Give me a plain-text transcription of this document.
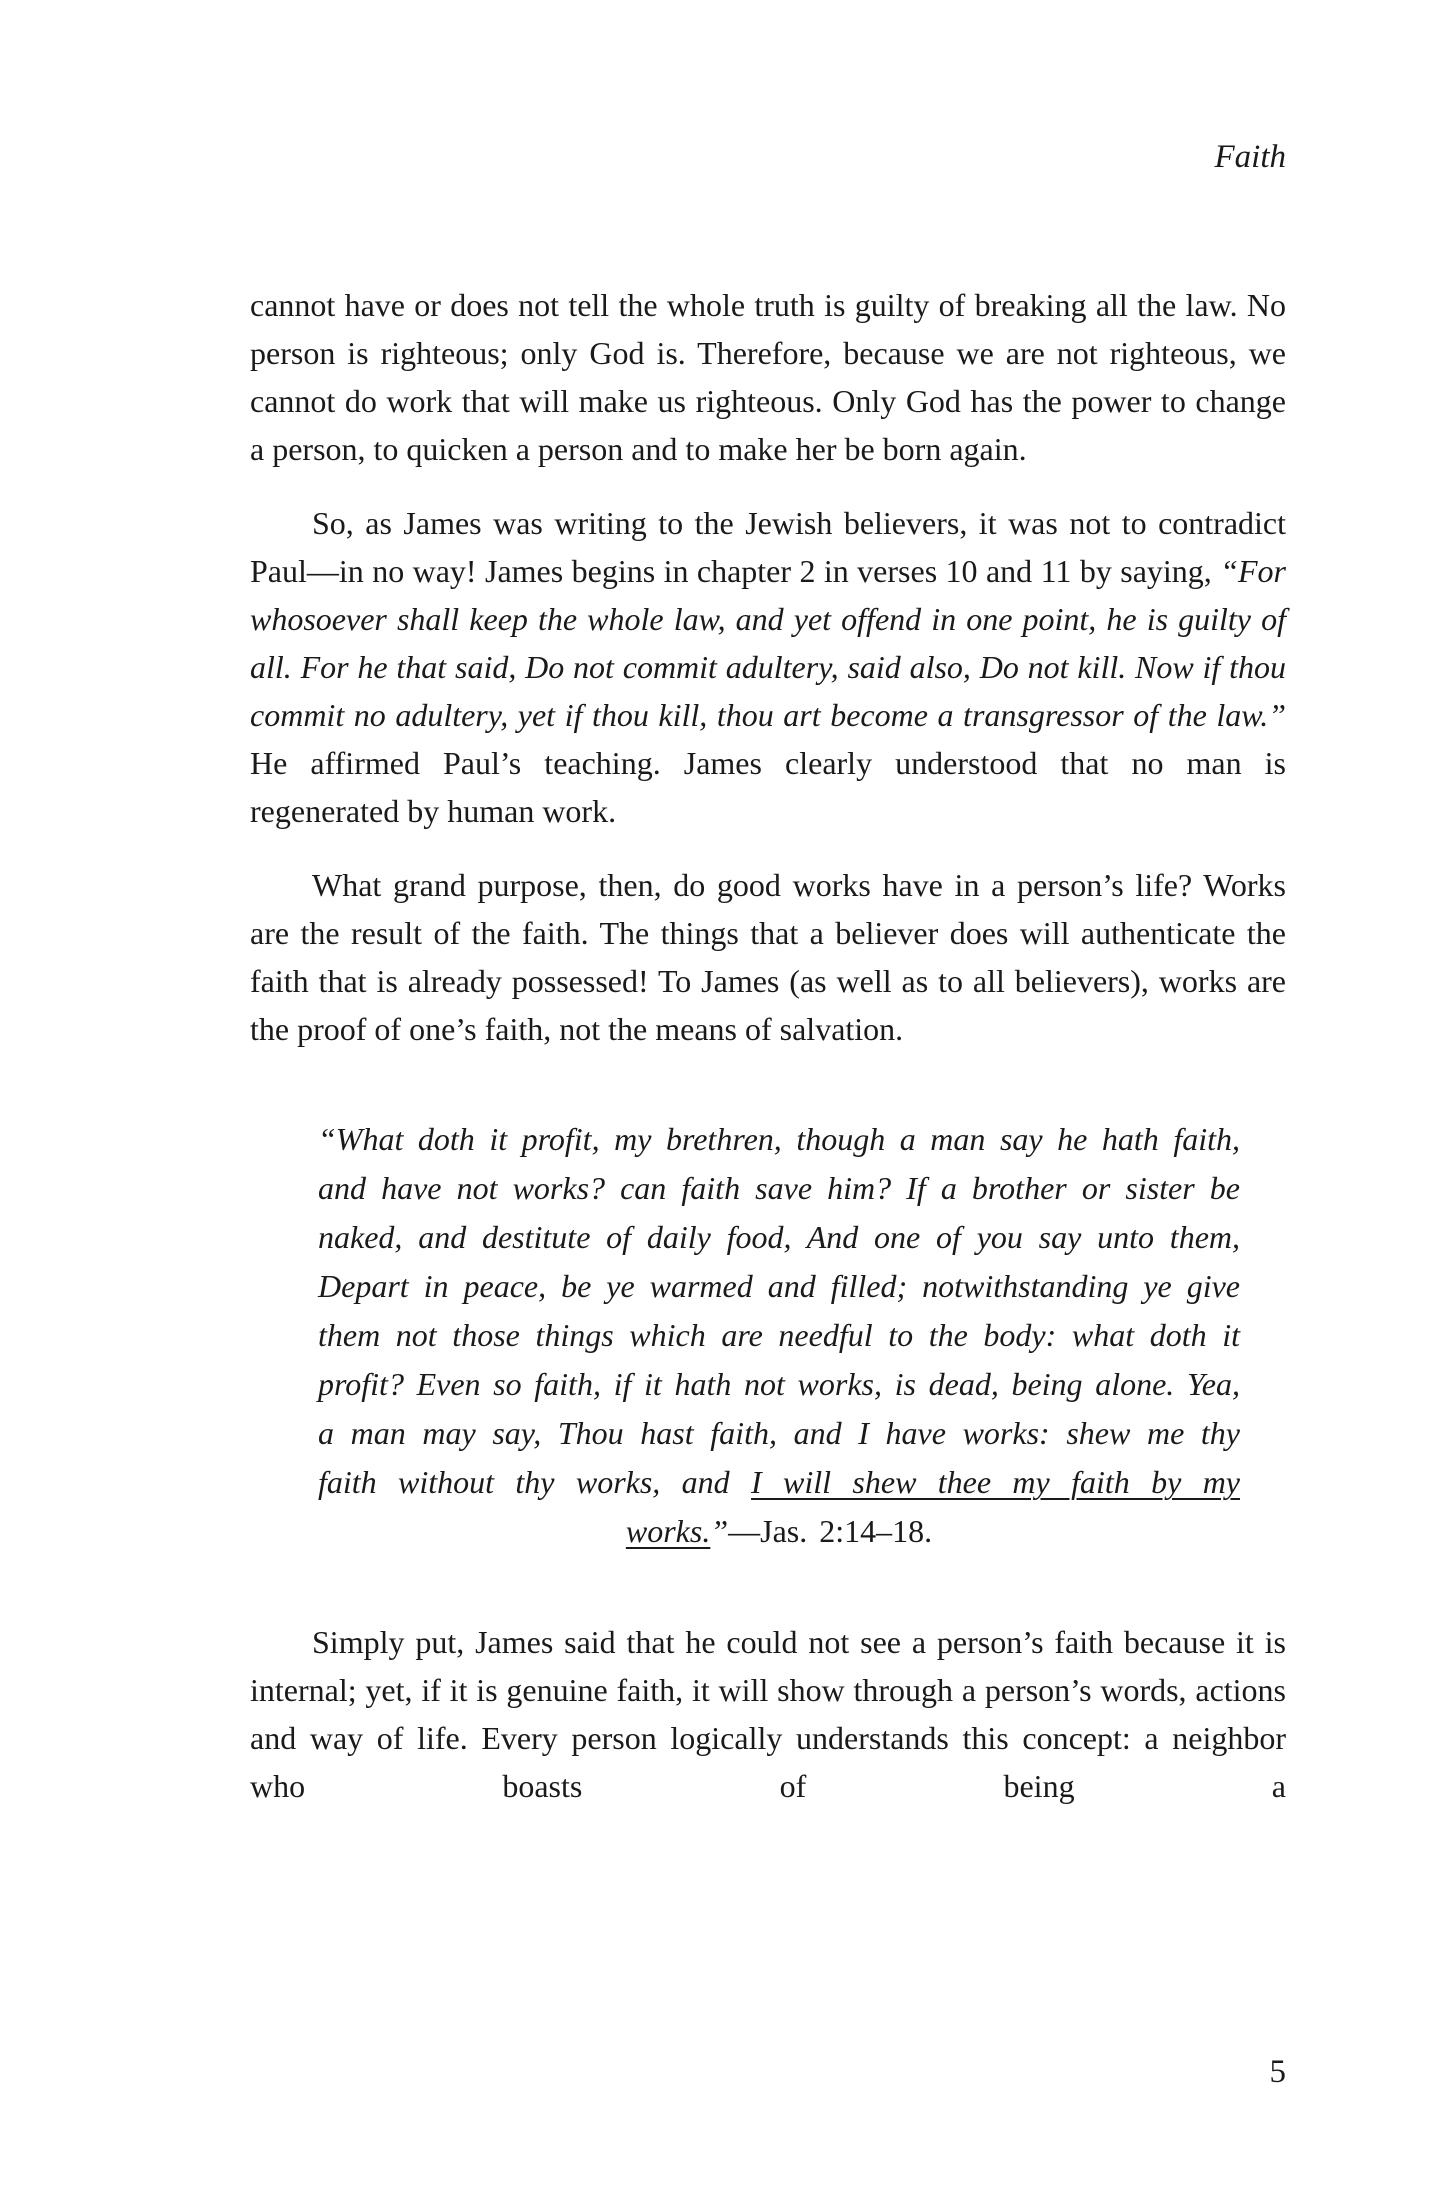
Faith

cannot have or does not tell the whole truth is guilty of breaking all the law. No person is righteous; only God is. Therefore, because we are not righteous, we cannot do work that will make us righteous. Only God has the power to change a person, to quicken a person and to make her be born again.

So, as James was writing to the Jewish believers, it was not to contradict Paul—in no way! James begins in chapter 2 in verses 10 and 11 by saying, “For whosoever shall keep the whole law, and yet offend in one point, he is guilty of all. For he that said, Do not commit adultery, said also, Do not kill. Now if thou commit no adultery, yet if thou kill, thou art become a transgressor of the law.” He affirmed Paul’s teaching. James clearly understood that no man is regenerated by human work.

What grand purpose, then, do good works have in a person’s life? Works are the result of the faith. The things that a believer does will authenticate the faith that is already possessed! To James (as well as to all believers), works are the proof of one’s faith, not the means of salvation.

“What doth it profit, my brethren, though a man say he hath faith, and have not works? can faith save him? If a brother or sister be naked, and destitute of daily food, And one of you say unto them, Depart in peace, be ye warmed and filled; notwithstanding ye give them not those things which are needful to the body: what doth it profit? Even so faith, if it hath not works, is dead, being alone. Yea, a man may say, Thou hast faith, and I have works: shew me thy faith without thy works, and I will shew thee my faith by my works.”—Jas. 2:14–18.

Simply put, James said that he could not see a person’s faith because it is internal; yet, if it is genuine faith, it will show through a person’s words, actions and way of life. Every person logically understands this concept: a neighbor who boasts of being a

5
